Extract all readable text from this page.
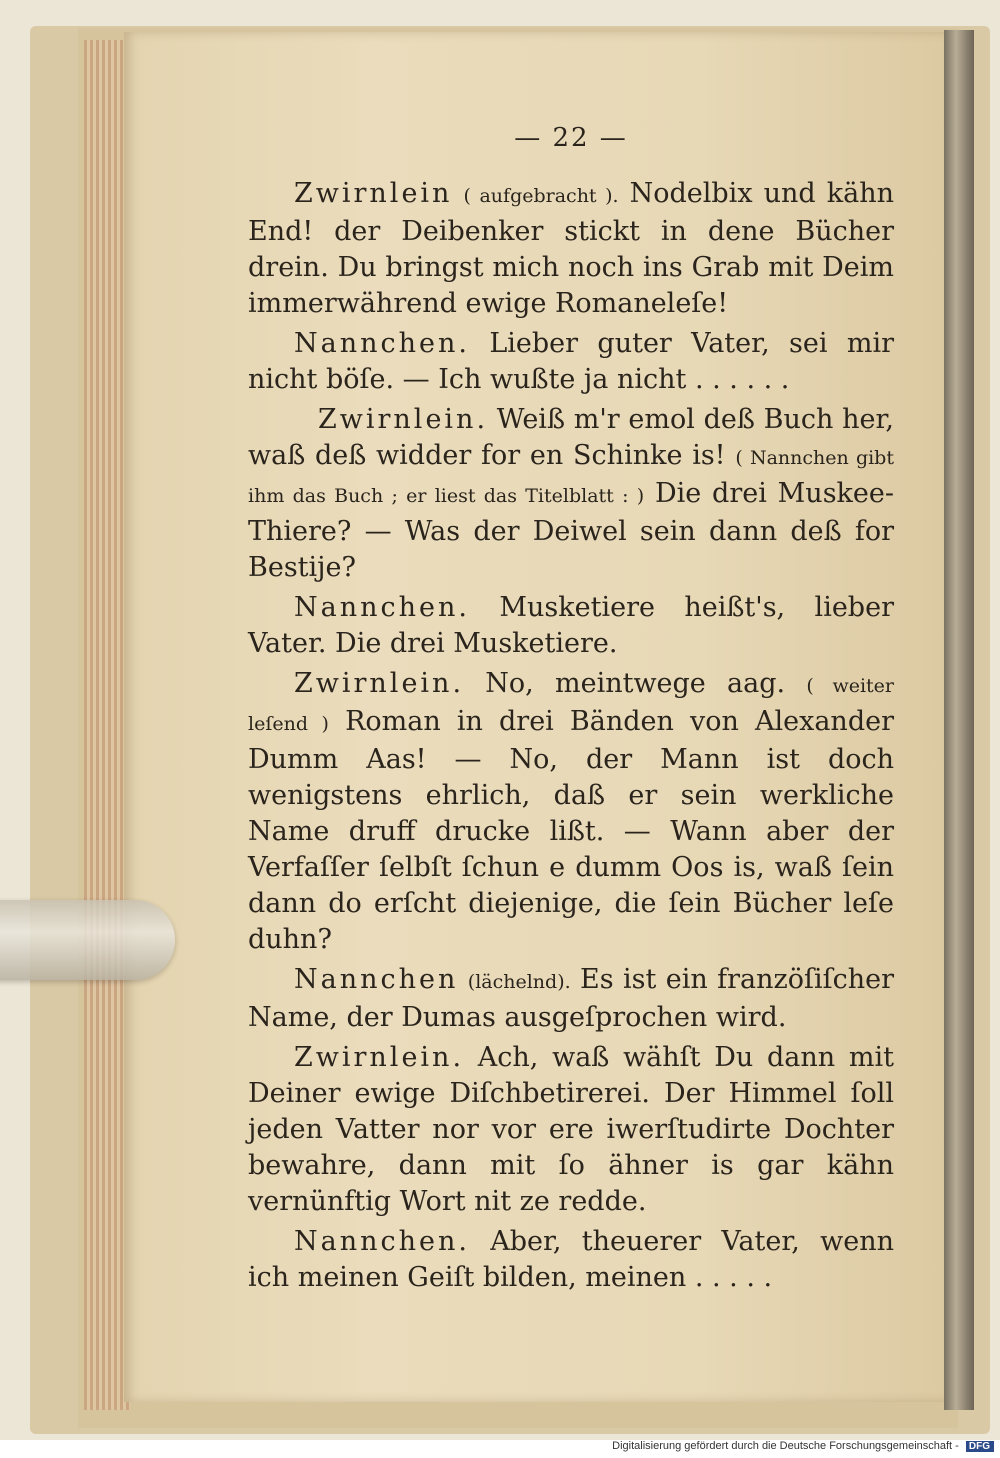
— 22 —

Zwirnlein ( aufgebracht ). Nodelbix und kähn End! der Deibenker stickt in dene Bücher drein. Du bringst mich noch ins Grab mit Deim immerwährend ewige Romaneleſe!

Nannchen. Lieber guter Vater, sei mir nicht böſe. — Ich wußte ja nicht . . . . . .

Zwirnlein. Weiß m'r emol deß Buch her, waß deß widder for en Schinke is! ( Nannchen gibt ihm das Buch ; er liest das Titelblatt : ) Die drei Muskee-Thiere? — Was der Deiwel sein dann deß for Bestije?

Nannchen. Musketiere heißt's, lieber Vater. Die drei Musketiere.

Zwirnlein. No, meintwege aag. ( weiter leſend ) Roman in drei Bänden von Alexander Dumm Aas! — No, der Mann ist doch wenigstens ehrlich, daß er sein werkliche Name druff drucke lißt. — Wann aber der Verfaſſer ſelbſt ſchun e dumm Oos is, waß ſein dann do erſcht diejenige, die ſein Bücher leſe duhn?

Nannchen (lächelnd). Es ist ein franzöſiſcher Name, der Dumas ausgeſprochen wird.

Zwirnlein. Ach, waß wähſt Du dann mit Deiner ewige Diſchbetirerei. Der Himmel ſoll jeden Vatter nor vor ere iwerſtudirte Dochter bewahre, dann mit ſo ähner is gar kähn vernünftig Wort nit ze redde.

Nannchen. Aber, theuerer Vater, wenn ich meinen Geiſt bilden, meinen . . . . .

Digitalisierung gefördert durch die Deutsche Forschungsgemeinschaft - DFG
